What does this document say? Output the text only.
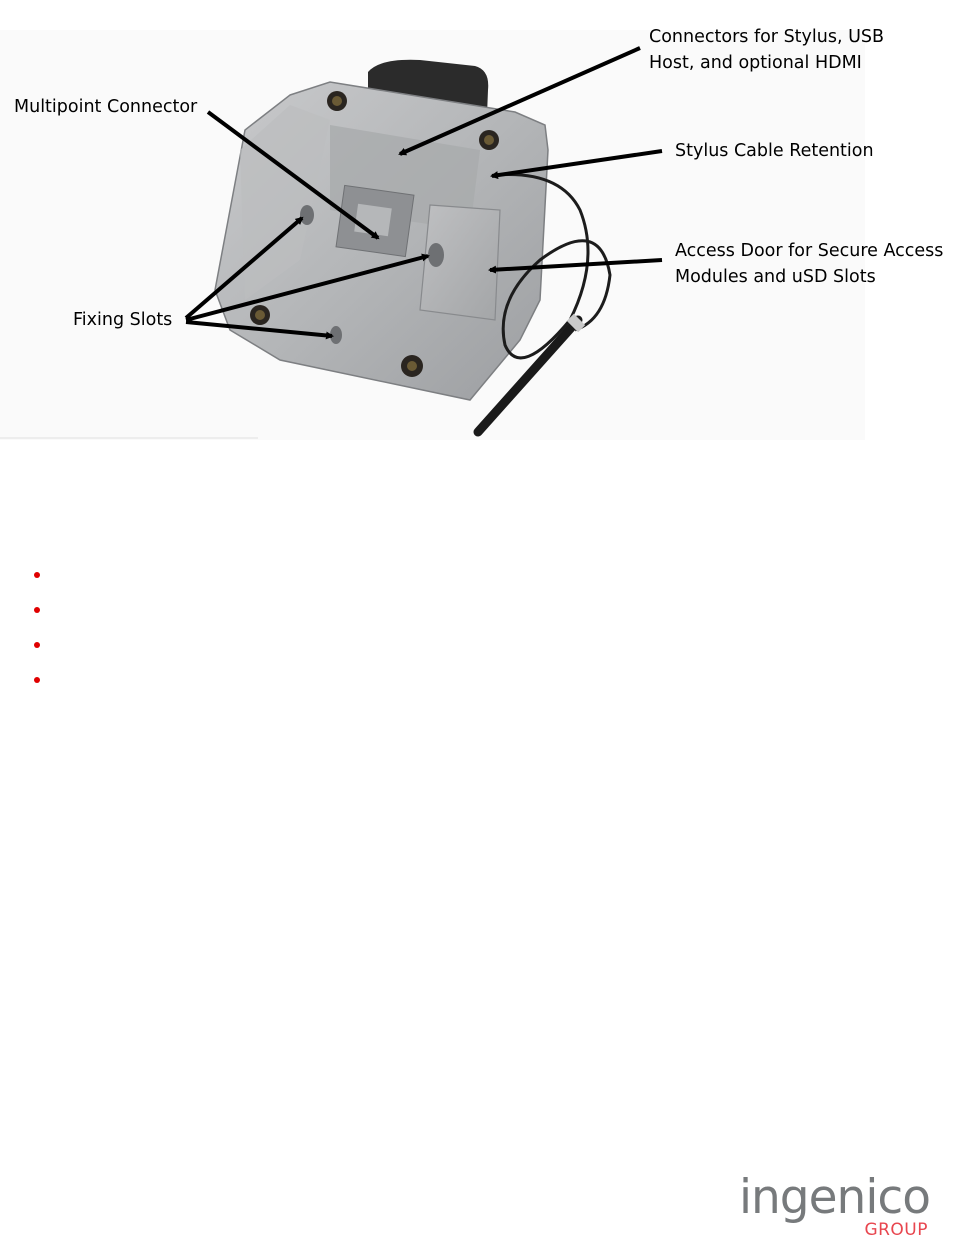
Connectors for Stylus, USB
Host, and optional HDMI
Multipoint Connector
Stylus Cable Retention
Access Door for Secure Access
Modules and uSD Slots
Fixing Slots
ingenico
GROUP
